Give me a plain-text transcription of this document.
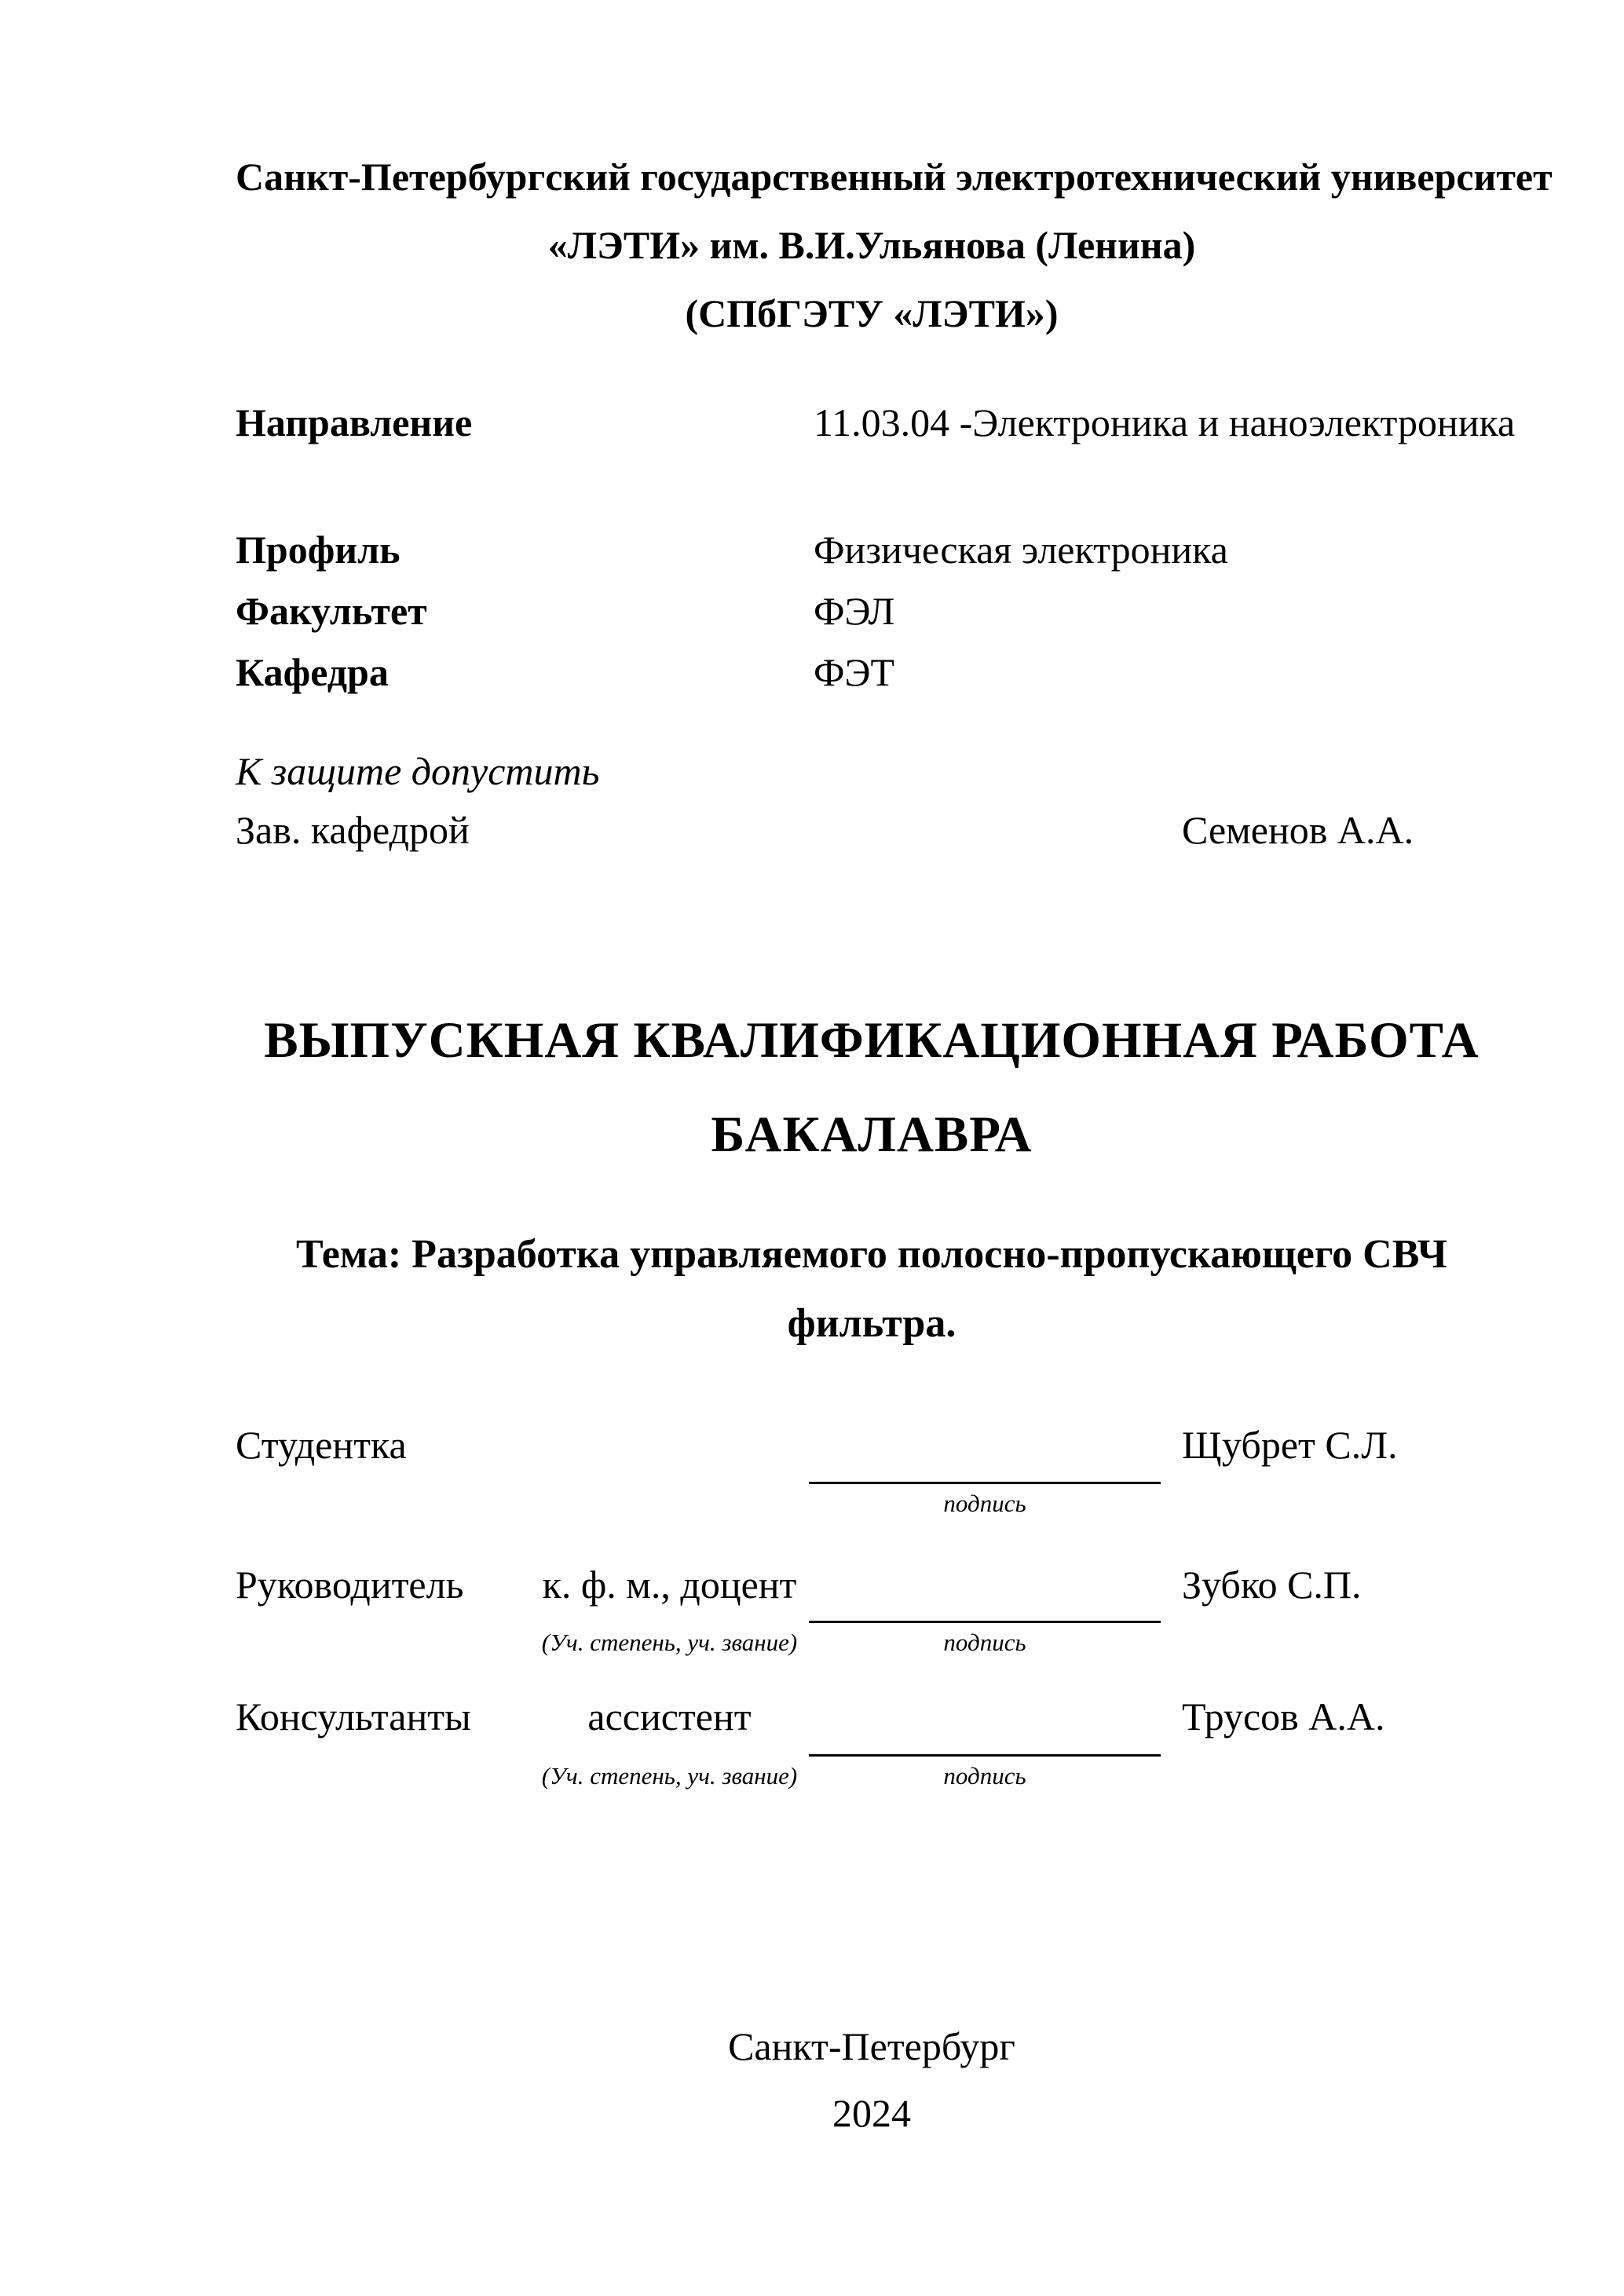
Санкт-Петербургский государственный электротехнический университет
«ЛЭТИ» им. В.И.Ульянова (Ленина)
(СПбГЭТУ «ЛЭТИ»)
Направление	11.03.04 -Электроника и наноэлектроника
Профиль	Физическая электроника
Факультет	ФЭЛ
Кафедра	ФЭТ
К защите допустить
Зав. кафедрой	Семенов А.А.
ВЫПУСКНАЯ КВАЛИФИКАЦИОННАЯ РАБОТА
БАКАЛАВРА
Тема: Разработка управляемого полосно-пропускающего СВЧ
фильтра.
Студентка	Щубрет С.Л.
подпись
Руководитель	к. ф. м., доцент	Зубко С.П.
(Уч. степень, уч. звание)	подпись
Консультанты	ассистент	Трусов А.А.
(Уч. степень, уч. звание)	подпись
Санкт-Петербург
2024
